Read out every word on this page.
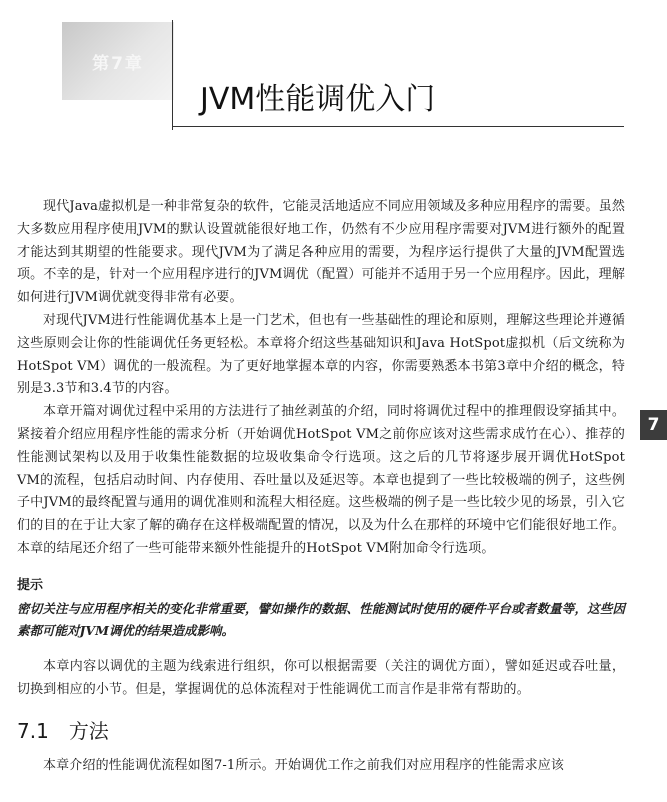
第7章
JVM性能调优入门
7

现代Java虚拟机是一种非常复杂的软件，它能灵活地适应不同应用领域及多种应用程序的需要。虽然大多数应用程序使用JVM的默认设置就能很好地工作，仍然有不少应用程序需要对JVM进行额外的配置才能达到其期望的性能要求。现代JVM为了满足各种应用的需要，为程序运行提供了大量的JVM配置选项。不幸的是，针对一个应用程序进行的JVM调优（配置）可能并不适用于另一个应用程序。因此，理解如何进行JVM调优就变得非常有必要。

对现代JVM进行性能调优基本上是一门艺术，但也有一些基础性的理论和原则，理解这些理论并遵循这些原则会让你的性能调优任务更轻松。本章将介绍这些基础知识和Java HotSpot虚拟机（后文统称为HotSpot VM）调优的一般流程。为了更好地掌握本章的内容，你需要熟悉本书第3章中介绍的概念，特别是3.3节和3.4节的内容。

本章开篇对调优过程中采用的方法进行了抽丝剥茧的介绍，同时将调优过程中的推理假设穿插其中。紧接着介绍应用程序性能的需求分析（开始调优HotSpot VM之前你应该对这些需求成竹在心）、推荐的性能测试架构以及用于收集性能数据的垃圾收集命令行选项。这之后的几节将逐步展开调优HotSpot VM的流程，包括启动时间、内存使用、吞吐量以及延迟等。本章也提到了一些比较极端的例子，这些例子中JVM的最终配置与通用的调优准则和流程大相径庭。这些极端的例子是一些比较少见的场景，引入它们的目的在于让大家了解的确存在这样极端配置的情况，以及为什么在那样的环境中它们能很好地工作。本章的结尾还介绍了一些可能带来额外性能提升的HotSpot VM附加命令行选项。

提示

密切关注与应用程序相关的变化非常重要，譬如操作的数据、性能测试时使用的硬件平台或者数量等，这些因素都可能对JVM调优的结果造成影响。

本章内容以调优的主题为线索进行组织，你可以根据需要（关注的调优方面），譬如延迟或吞吐量，切换到相应的小节。但是，掌握调优的总体流程对于性能调优工而言作是非常有帮助的。

7.1 方法

本章介绍的性能调优流程如图7-1所示。开始调优工作之前我们对应用程序的性能需求应该
